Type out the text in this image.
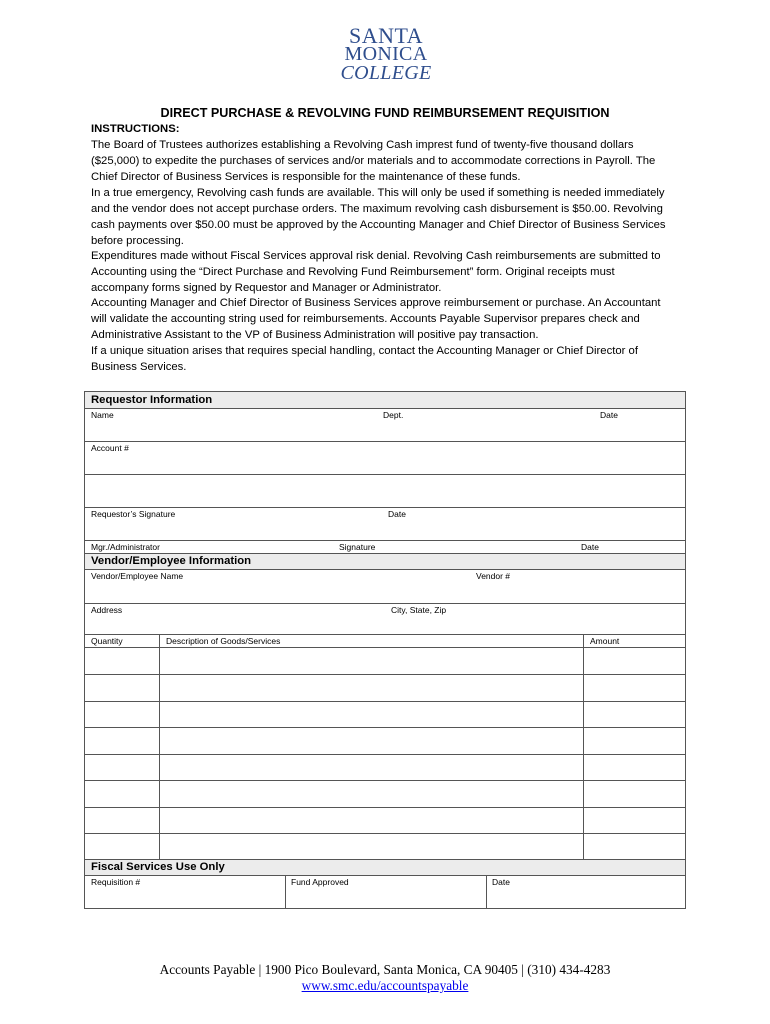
SANTA
MONICA
COLLEGE
DIRECT PURCHASE & REVOLVING FUND REIMBURSEMENT REQUISITION
INSTRUCTIONS:
The Board of Trustees authorizes establishing a Revolving Cash imprest fund of twenty-five thousand dollars
($25,000) to expedite the purchases of services and/or materials and to accommodate corrections in Payroll. The
Chief Director of Business Services is responsible for the maintenance of these funds.
In a true emergency, Revolving cash funds are available. This will only be used if something is needed immediately
and the vendor does not accept purchase orders. The maximum revolving cash disbursement is $50.00. Revolving
cash payments over $50.00 must be approved by the Accounting Manager and Chief Director of Business Services
before processing.
Expenditures made without Fiscal Services approval risk denial. Revolving Cash reimbursements are submitted to
Accounting using the “Direct Purchase and Revolving Fund Reimbursement” form. Original receipts must
accompany forms signed by Requestor and Manager or Administrator.
Accounting Manager and Chief Director of Business Services approve reimbursement or purchase. An Accountant
will validate the accounting string used for reimbursements. Accounts Payable Supervisor prepares check and
Administrative Assistant to the VP of Business Administration will positive pay transaction.
If a unique situation arises that requires special handling, contact the Accounting Manager or Chief Director of
Business Services.
Requestor Information
Name	Dept.	Date
Account #
Requestor’s Signature	Date
Mgr./Administrator	Signature	Date
Vendor/Employee Information
Vendor/Employee Name	Vendor #
Address	City, State, Zip
Quantity	Description of Goods/Services	Amount
Fiscal Services Use Only
Requisition #	Fund Approved	Date
Accounts Payable | 1900 Pico Boulevard, Santa Monica, CA 90405 | (310) 434-4283
www.smc.edu/accountspayable
